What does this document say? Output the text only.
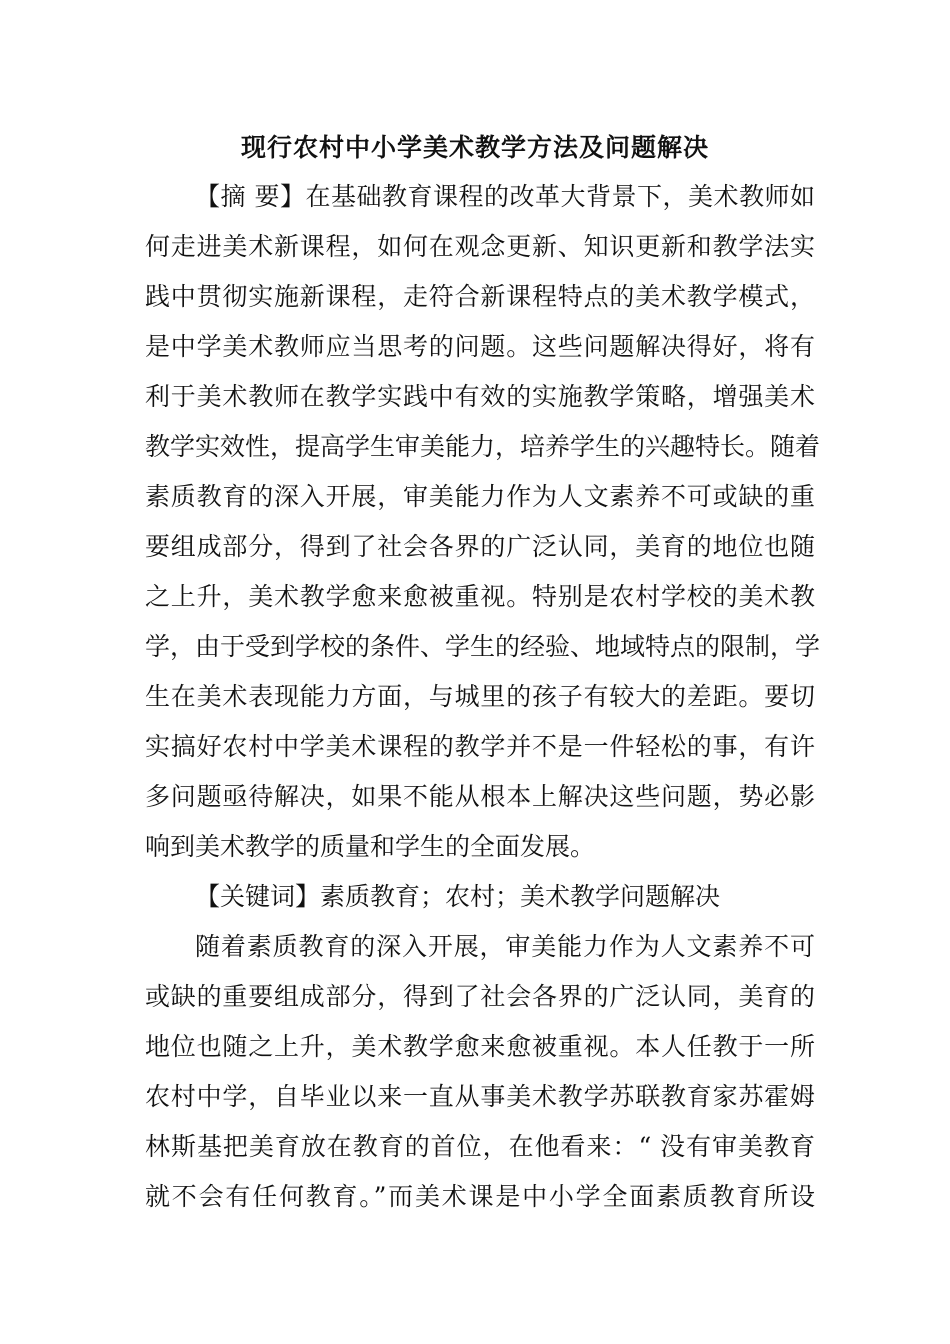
现行农村中小学美术教学方法及问题解决
【摘 要】在基础教育课程的改革大背景下，美术教师如
何走进美术新课程，如何在观念更新、知识更新和教学法实
践中贯彻实施新课程，走符合新课程特点的美术教学模式，
是中学美术教师应当思考的问题。这些问题解决得好，将有
利于美术教师在教学实践中有效的实施教学策略，增强美术
教学实效性，提高学生审美能力，培养学生的兴趣特长。随着
素质教育的深入开展，审美能力作为人文素养不可或缺的重
要组成部分，得到了社会各界的广泛认同，美育的地位也随
之上升，美术教学愈来愈被重视。特别是农村学校的美术教
学，由于受到学校的条件、学生的经验、地域特点的限制，学
生在美术表现能力方面，与城里的孩子有较大的差距。要切
实搞好农村中学美术课程的教学并不是一件轻松的事，有许
多问题亟待解决，如果不能从根本上解决这些问题，势必影
响到美术教学的质量和学生的全面发展。
【关键词】素质教育；农村；美术教学问题解决
随着素质教育的深入开展，审美能力作为人文素养不可
或缺的重要组成部分，得到了社会各界的广泛认同，美育的
地位也随之上升，美术教学愈来愈被重视。本人任教于一所
农村中学，自毕业以来一直从事美术教学苏联教育家苏霍姆
林斯基把美育放在教育的首位，在他看来：“ 没有审美教育
就不会有任何教育。”而美术课是中小学全面素质教育所设
